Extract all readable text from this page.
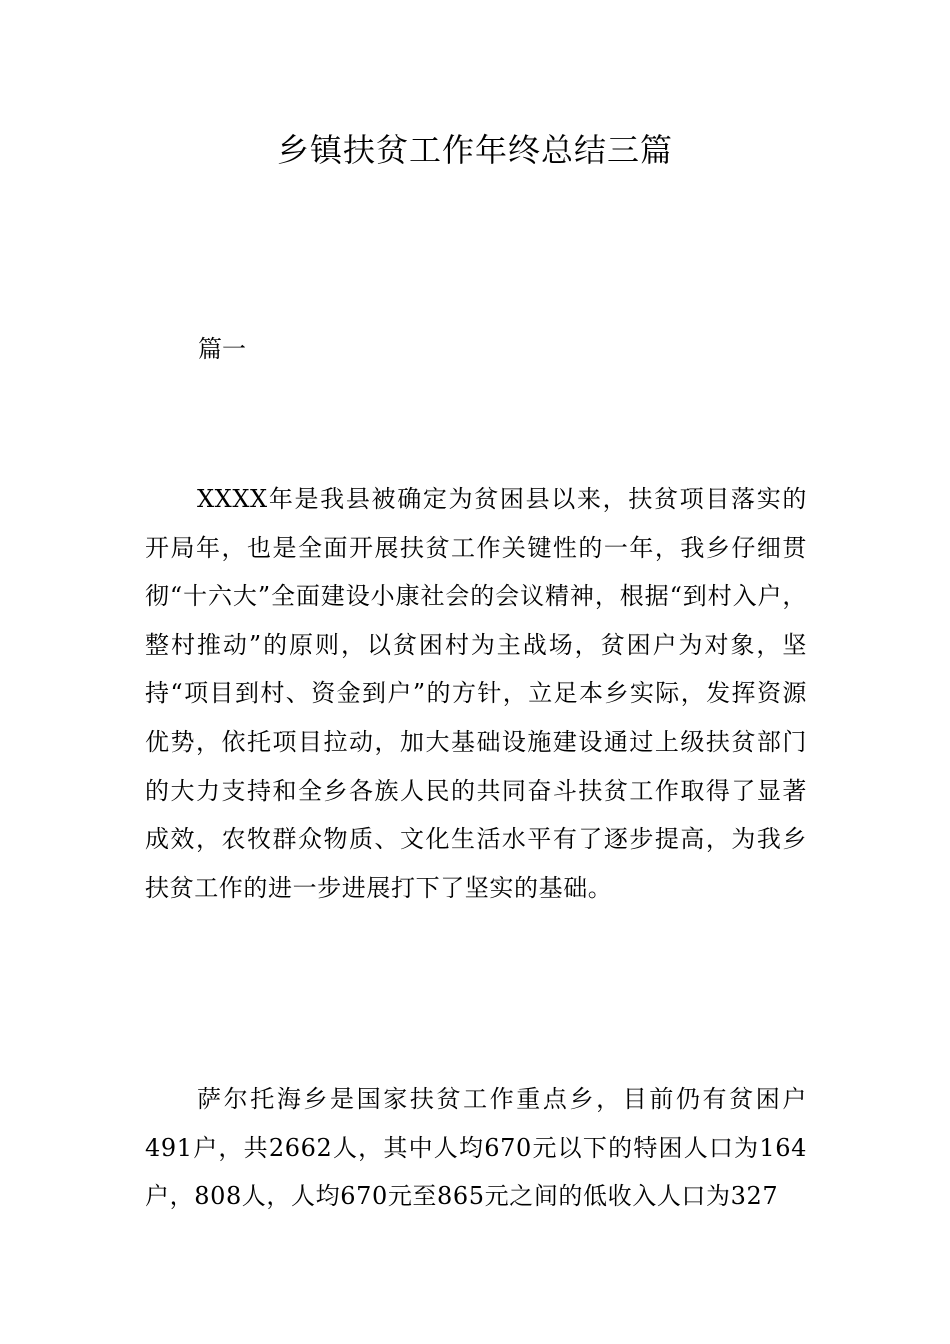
乡镇扶贫工作年终总结三篇
篇一

XXXX年是我县被确定为贫困县以来，扶贫项目落实的开局年，也是全面开展扶贫工作关键性的一年，我乡仔细贯彻“十六大”全面建设小康社会的会议精神，根据“到村入户，整村推动”的原则，以贫困村为主战场，贫困户为对象，坚持“项目到村、资金到户”的方针，立足本乡实际，发挥资源优势，依托项目拉动，加大基础设施建设通过上级扶贫部门的大力支持和全乡各族人民的共同奋斗扶贫工作取得了显著成效，农牧群众物质、文化生活水平有了逐步提高，为我乡扶贫工作的进一步进展打下了坚实的基础。

萨尔托海乡是国家扶贫工作重点乡，目前仍有贫困户491户，共2662人，其中人均670元以下的特困人口为164户，808人，人均670元至865元之间的低收入人口为327
